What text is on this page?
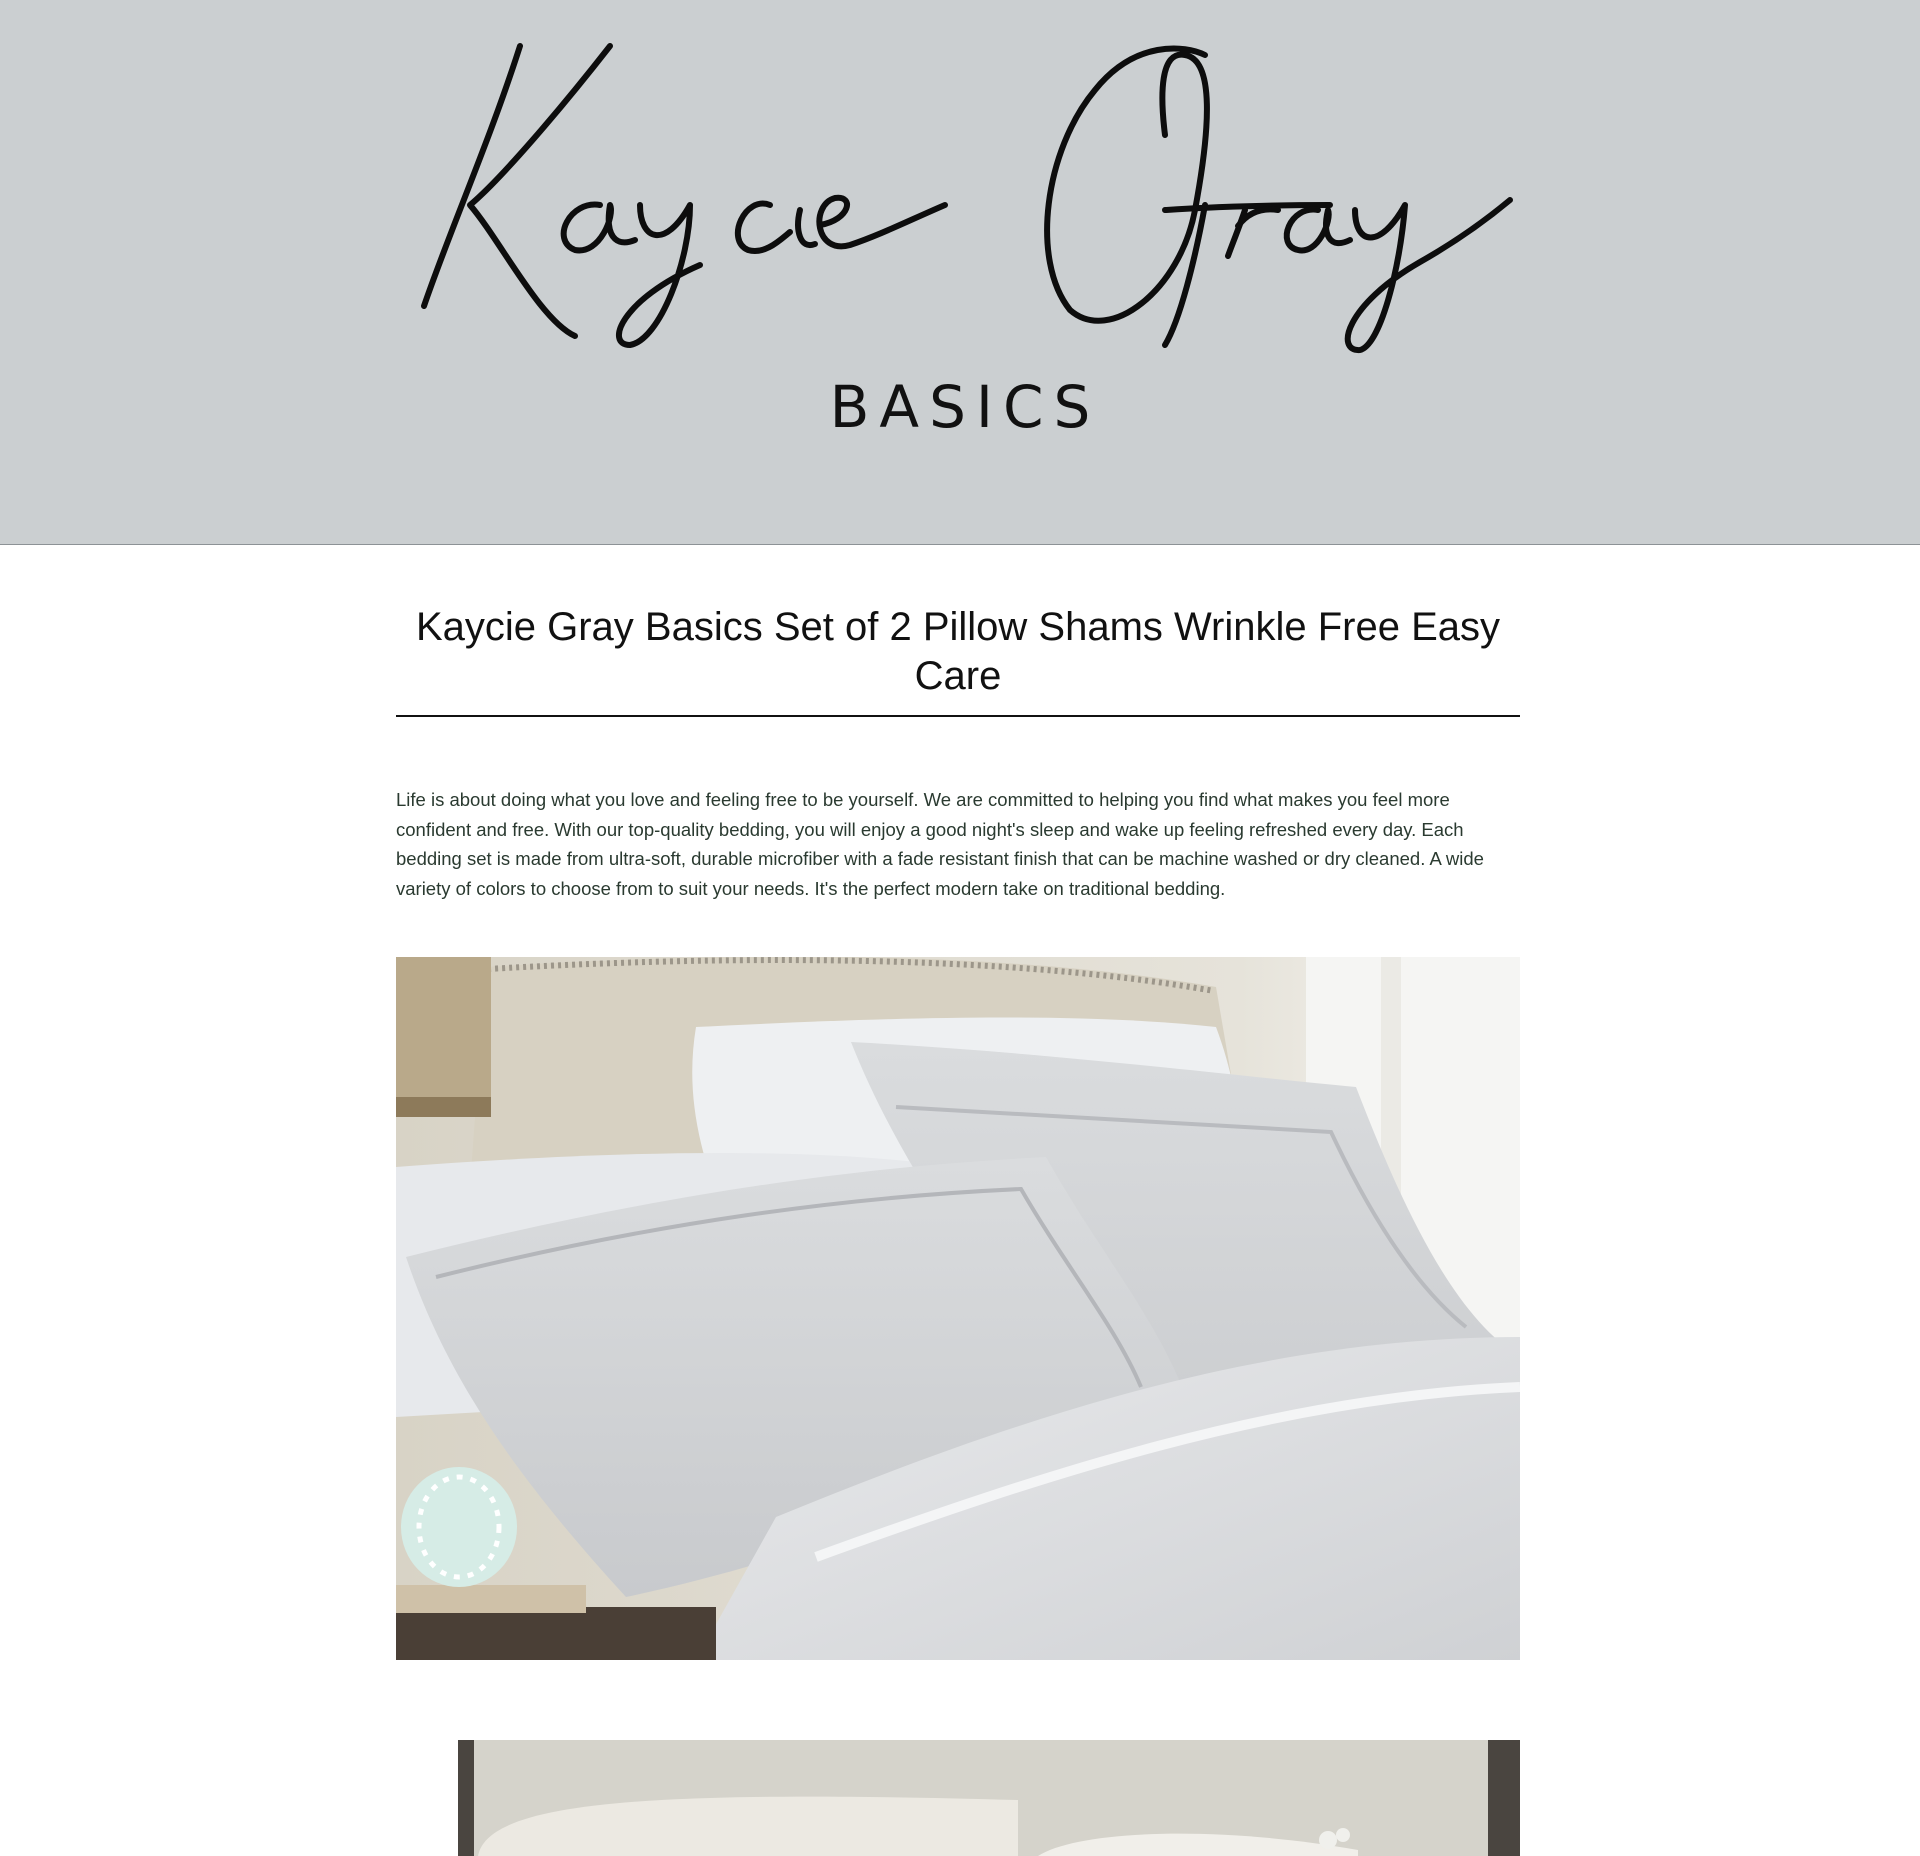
BASICS
Kaycie Gray Basics Set of 2 Pillow Shams Wrinkle Free Easy Care

Life is about doing what you love and feeling free to be yourself. We are committed to helping you find what makes you feel more confident and free. With our top-quality bedding, you will enjoy a good night's sleep and wake up feeling refreshed every day. Each bedding set is made from ultra-soft, durable microfiber with a fade resistant finish that can be machine washed or dry cleaned. A wide variety of colors to choose from to suit your needs. It's the perfect modern take on traditional bedding.
